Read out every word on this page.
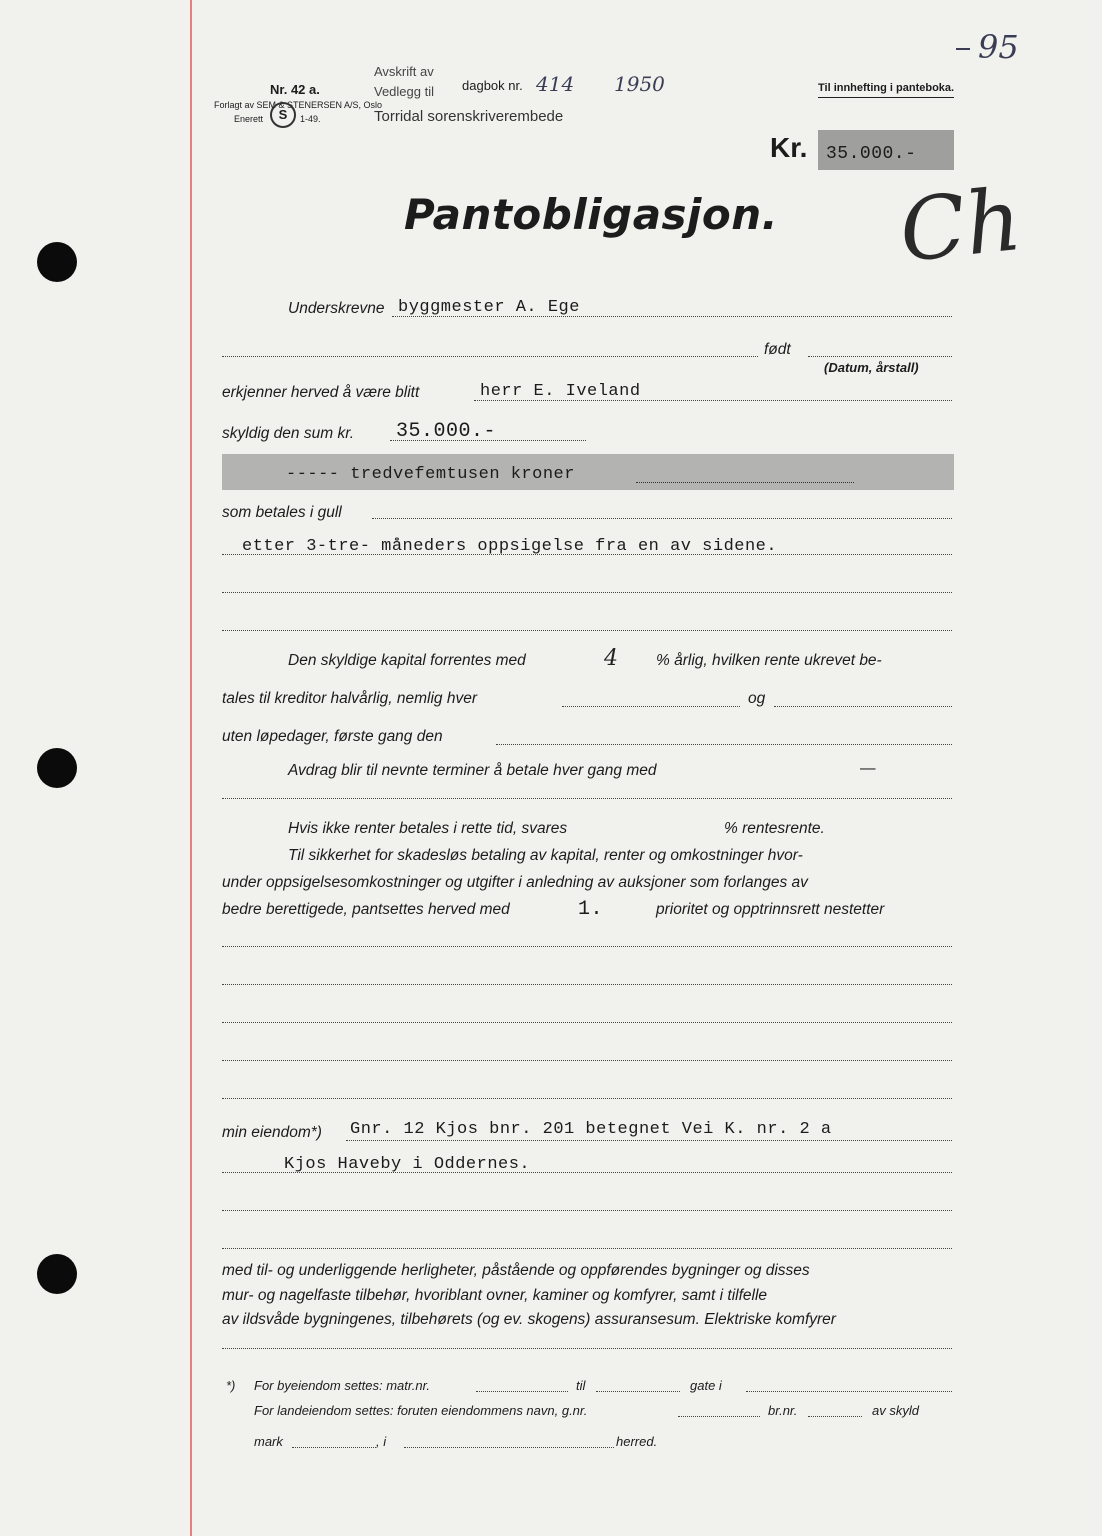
Nr. 42 a.
Avskrift av
Vedlegg til dagbok nr. 414 1950
Forlagt av SEM & STENERSEN A/S, Oslo
Enerett	S	1-49.	Torridal sorenskriverembede
Til innhefting i panteboka.
95
Kr. 35.000.-
Pantobligasjon. Ch
Underskrevne byggmester A. Ege
født
(Datum, årstall)
erkjenner herved å være blitt	herr E. Iveland
skyldig den sum kr. 35.000.-
----- tredvefemtusen kroner
som betales i gull
etter 3-tre- måneders oppsigelse fra en av sidene.
Den skyldige kapital forrentes med	4 % årlig, hvilken rente ukrevet be-
tales til kreditor halvårlig, nemlig hver	og
uten løpedager, første gang den
Avdrag blir til nevnte terminer å betale hver gang med	—
Hvis ikke renter betales i rette tid, svares	% rentesrente.
Til sikkerhet for skadesløs betaling av kapital, renter og omkostninger hvor-
under oppsigelsesomkostninger og utgifter i anledning av auksjoner som forlanges av
bedre berettigede, pantsettes herved med	1.	prioritet og opptrinnsrett nestetter
min eiendom*) Gnr. 12 Kjos bnr. 201 betegnet Vei K. nr. 2 a
Kjos Haveby i Oddernes.
med til- og underliggende herligheter, påstående og oppførendes bygninger og disses
mur- og nagelfaste tilbehør, hvoriblant ovner, kaminer og komfyrer, samt i tilfelle
av ildsvåde bygningenes, tilbehørets (og ev. skogens) assuransesum. Elektriske komfyrer
*) For byeiendom settes: matr.nr.	til	gate i
For landeiendom settes: foruten eiendommens navn, g.nr.	br.nr.	av skyld
mark	, i	herred.
